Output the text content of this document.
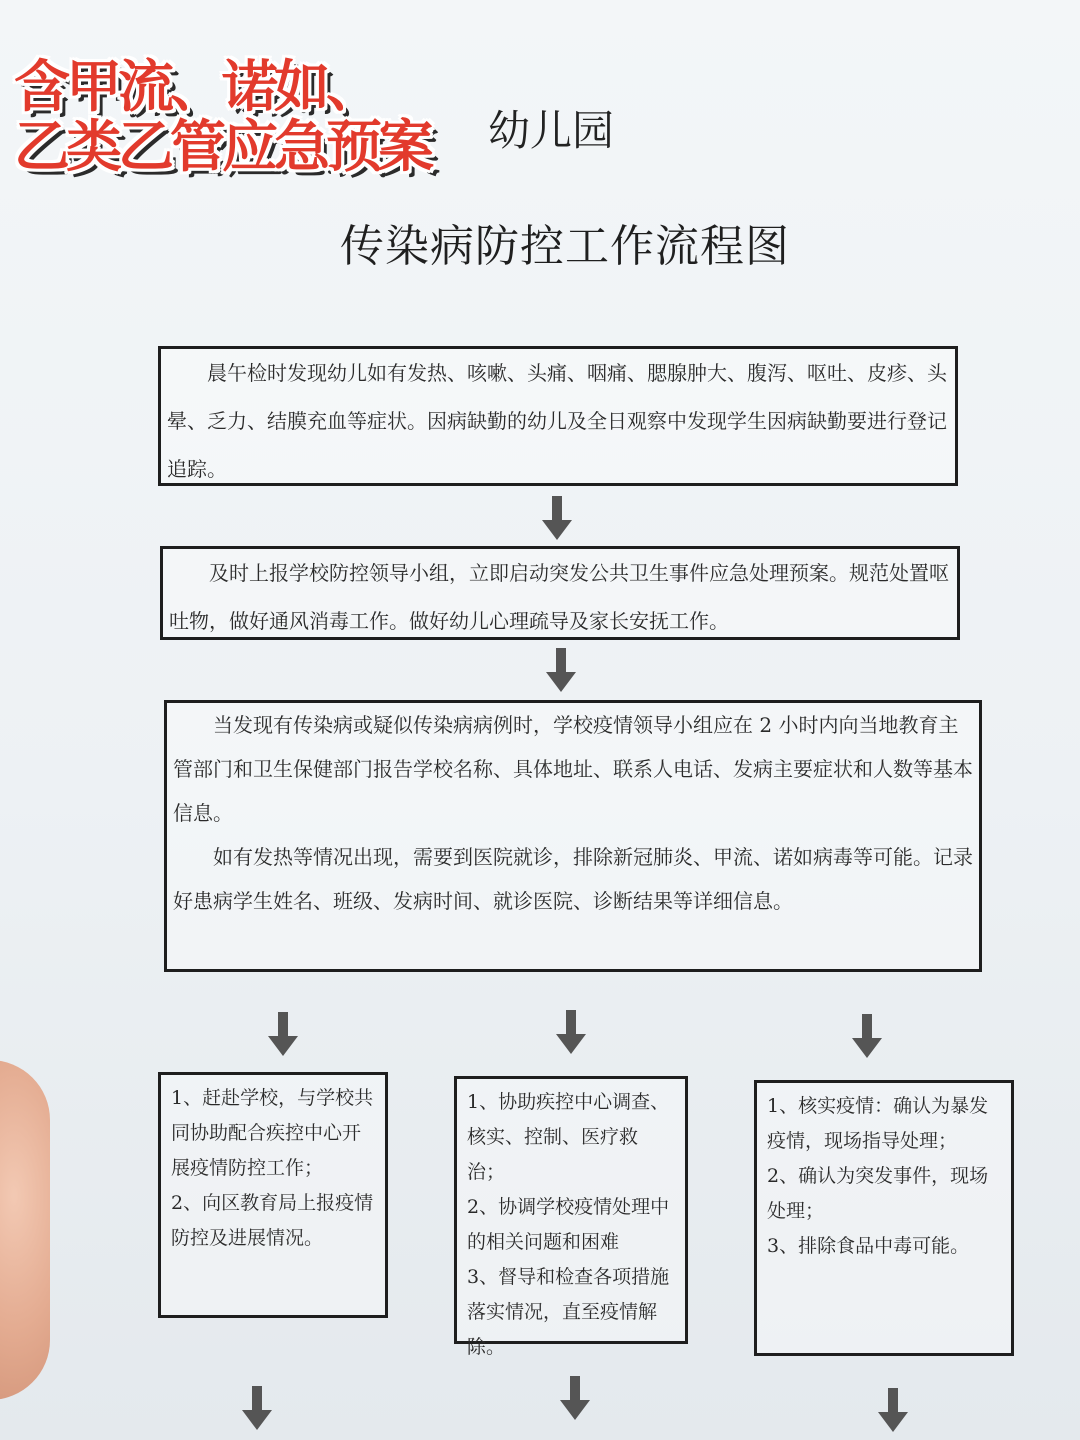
含甲流、诺如、
乙类乙管应急预案	幼儿园
传染病防控工作流程图

晨午检时发现幼儿如有发热、咳嗽、头痛、咽痛、腮腺肿大、腹泻、呕吐、皮疹、头晕、乏力、结膜充血等症状。因病缺勤的幼儿及全日观察中发现学生因病缺勤要进行登记追踪。

及时上报学校防控领导小组，立即启动突发公共卫生事件应急处理预案。规范处置呕吐物，做好通风消毒工作。做好幼儿心理疏导及家长安抚工作。

当发现有传染病或疑似传染病病例时，学校疫情领导小组应在 2 小时内向当地教育主管部门和卫生保健部门报告学校名称、具体地址、联系人电话、发病主要症状和人数等基本信息。

如有发热等情况出现，需要到医院就诊，排除新冠肺炎、甲流、诺如病毒等可能。记录好患病学生姓名、班级、发病时间、就诊医院、诊断结果等详细信息。

1、赶赴学校，与学校共同协助配合疾控中心开展疫情防控工作；

2、向区教育局上报疫情防控及进展情况。

1、协助疾控中心调查、核实、控制、医疗救治；

2、协调学校疫情处理中的相关问题和困难

3、督导和检查各项措施落实情况，直至疫情解除。

1、核实疫情：确认为暴发疫情，现场指导处理；

2、确认为突发事件，现场处理；

3、排除食品中毒可能。
